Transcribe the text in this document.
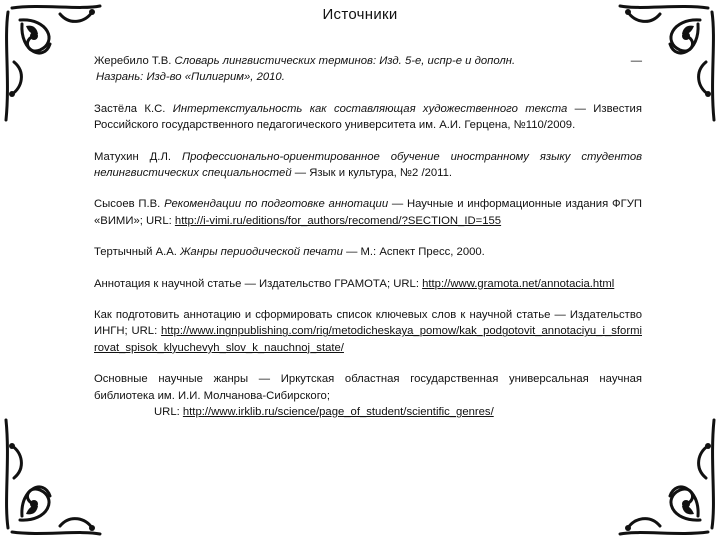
Источники

Жеребило Т.В. Словарь лингвистических терминов: Изд. 5-е, испр-е и дополн.	—

Назрань: Изд-во «Пилигрим», 2010.

Застёла К.С. Интертекстуальность как составляющая художественного текста — Известия Российского государственного педагогического университета им. А.И. Герцена, №110/2009.

Матухин Д.Л. Профессионально-ориентированное обучение иностранному языку студентов нелингвистических специальностей — Язык и культура, №2 /2011.

Сысоев П.В. Рекомендации по подготовке аннотации — Научные и информационные издания ФГУП «ВИМИ»; URL: http://i-vimi.ru/editions/for_authors/recomend/?SECTION_ID=155

Тертычный А.А. Жанры периодической печати — М.: Аспект Пресс, 2000.

Аннотация к научной статье — Издательство ГРАМОТА; URL: http://www.gramota.net/annotacia.html

Как подготовить аннотацию и сформировать список ключевых слов к научной статье — Издательство ИНГН; URL: http://www.ingnpublishing.com/rig/metodicheskaya_pomow/kak_podgotovit_annotaciyu_i_sformirovat_spisok_klyuchevyh_slov_k_nauchnoj_state/

Основные научные жанры — Иркутская областная государственная универсальная научная библиотека им. И.И. Молчанова-Сибирского;
URL: http://www.irklib.ru/science/page_of_student/scientific_genres/
